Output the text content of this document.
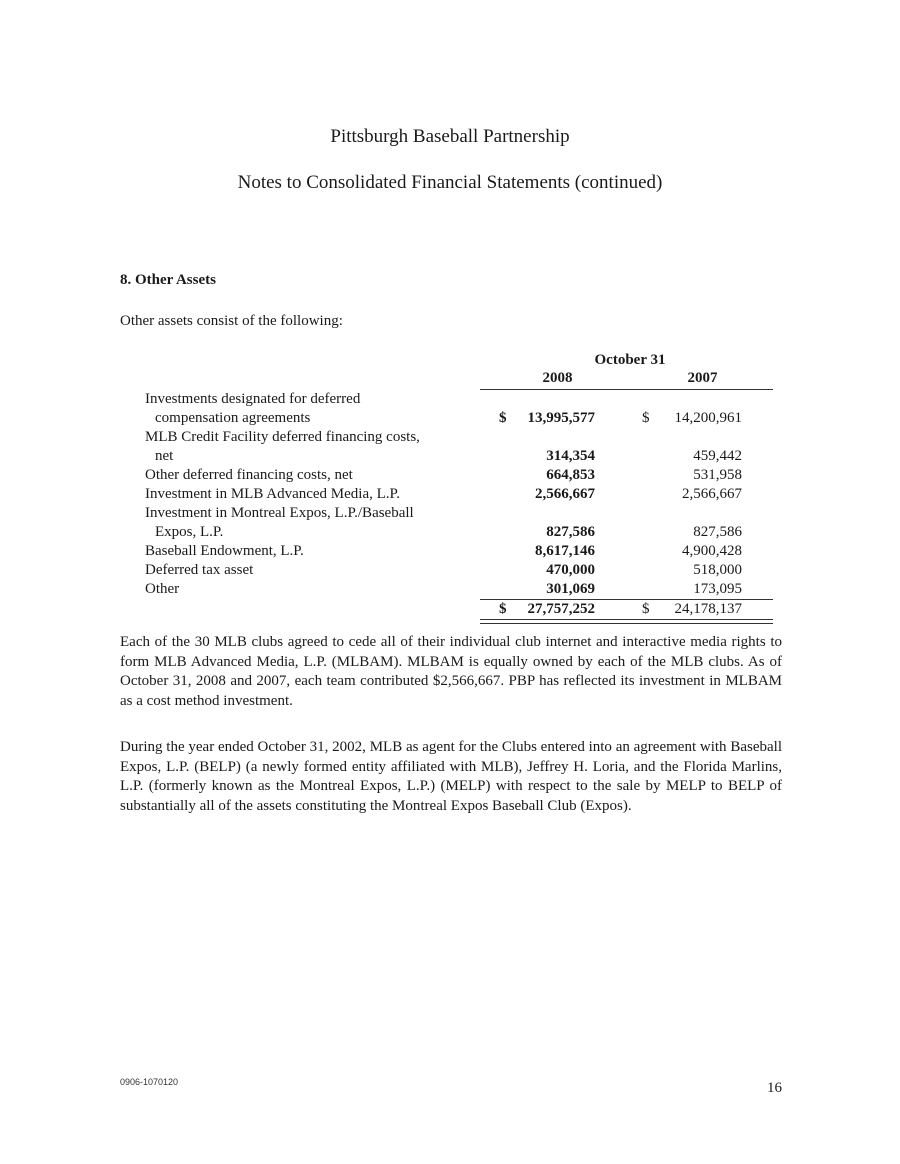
Pittsburgh Baseball Partnership
Notes to Consolidated Financial Statements (continued)
8. Other Assets
Other assets consist of the following:
October 31
2008	2007
Investments designated for deferred
compensation agreements	$	13,995,577	$	14,200,961
MLB Credit Facility deferred financing costs,
net	314,354	459,442
Other deferred financing costs, net	664,853	531,958
Investment in MLB Advanced Media, L.P.	2,566,667	2,566,667
Investment in Montreal Expos, L.P./Baseball
Expos, L.P.	827,586	827,586
Baseball Endowment, L.P.	8,617,146	4,900,428
Deferred tax asset	470,000	518,000
Other	301,069	173,095
$	27,757,252	$	24,178,137

Each of the 30 MLB clubs agreed to cede all of their individual club internet and interactive media rights to form MLB Advanced Media, L.P. (MLBAM). MLBAM is equally owned by each of the MLB clubs. As of October 31, 2008 and 2007, each team contributed $2,566,667. PBP has reflected its investment in MLBAM as a cost method investment.

During the year ended October 31, 2002, MLB as agent for the Clubs entered into an agreement with Baseball Expos, L.P. (BELP) (a newly formed entity affiliated with MLB), Jeffrey H. Loria, and the Florida Marlins, L.P. (formerly known as the Montreal Expos, L.P.) (MELP) with respect to the sale by MELP to BELP of substantially all of the assets constituting the Montreal Expos Baseball Club (Expos).

0906-1070120	16
